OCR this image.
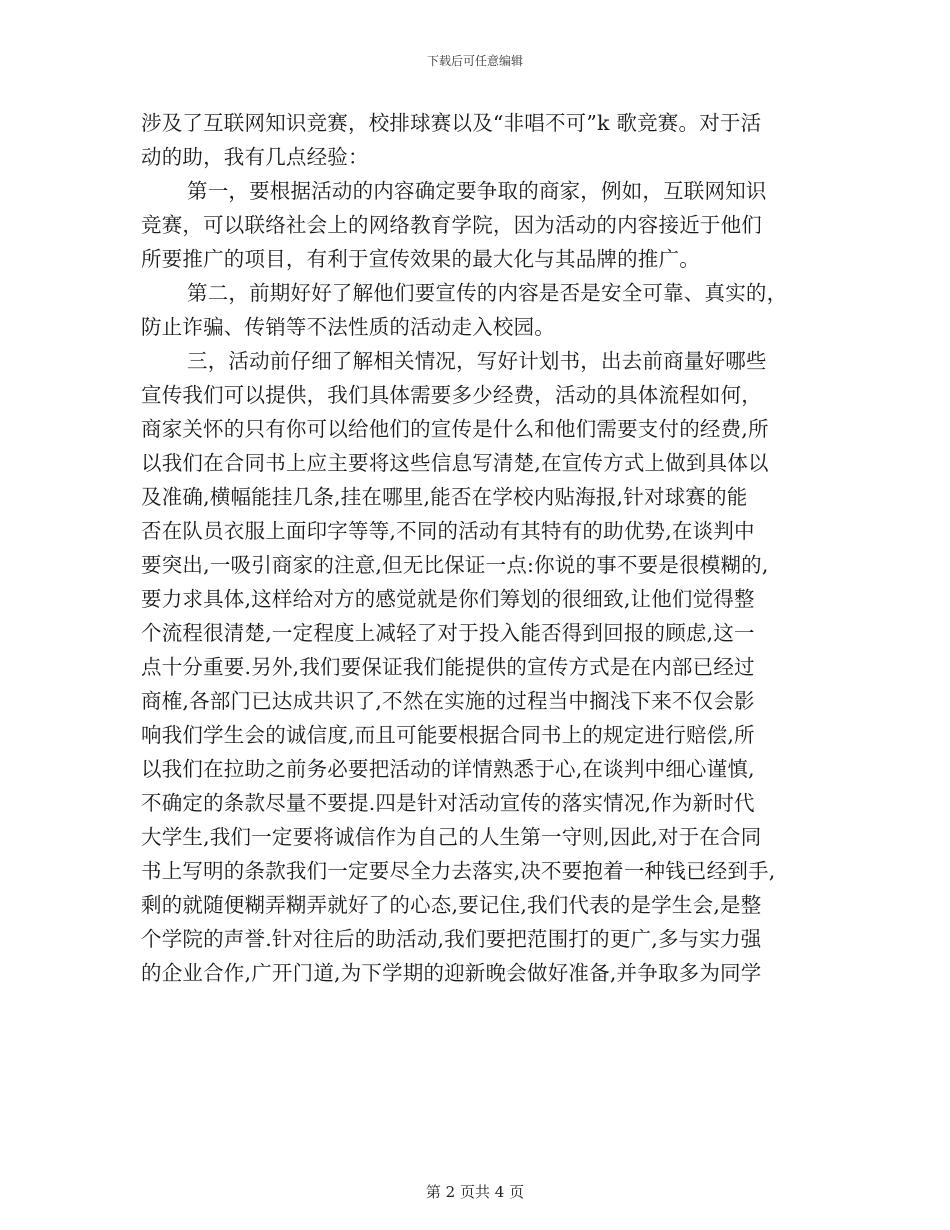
下载后可任意编辑
涉及了互联网知识竞赛，校排球赛以及“非唱不可”k 歌竞赛。对于活
动的助，我有几点经验：
第一，要根据活动的内容确定要争取的商家，例如，互联网知识
竞赛，可以联络社会上的网络教育学院，因为活动的内容接近于他们
所要推广的项目，有利于宣传效果的最大化与其品牌的推广。
第二，前期好好了解他们要宣传的内容是否是安全可靠、真实的，
防止诈骗、传销等不法性质的活动走入校园。
三，活动前仔细了解相关情况，写好计划书，出去前商量好哪些
宣传我们可以提供，我们具体需要多少经费，活动的具体流程如何，
商家关怀的只有你可以给他们的宣传是什么和他们需要支付的经费,所
以我们在合同书上应主要将这些信息写清楚,在宣传方式上做到具体以
及准确,横幅能挂几条,挂在哪里,能否在学校内贴海报,针对球赛的能
否在队员衣服上面印字等等,不同的活动有其特有的助优势,在谈判中
要突出,一吸引商家的注意,但无比保证一点:你说的事不要是很模糊的,
要力求具体,这样给对方的感觉就是你们筹划的很细致,让他们觉得整
个流程很清楚,一定程度上减轻了对于投入能否得到回报的顾虑,这一
点十分重要.另外,我们要保证我们能提供的宣传方式是在内部已经过
商榷,各部门已达成共识了,不然在实施的过程当中搁浅下来不仅会影
响我们学生会的诚信度,而且可能要根据合同书上的规定进行赔偿,所
以我们在拉助之前务必要把活动的详情熟悉于心,在谈判中细心谨慎,
不确定的条款尽量不要提.四是针对活动宣传的落实情况,作为新时代
大学生,我们一定要将诚信作为自己的人生第一守则,因此,对于在合同
书上写明的条款我们一定要尽全力去落实,决不要抱着一种钱已经到手,
剩的就随便糊弄糊弄就好了的心态,要记住,我们代表的是学生会,是整
个学院的声誉.针对往后的助活动,我们要把范围打的更广,多与实力强
的企业合作,广开门道,为下学期的迎新晚会做好准备,并争取多为同学
第 2 页共 4 页
